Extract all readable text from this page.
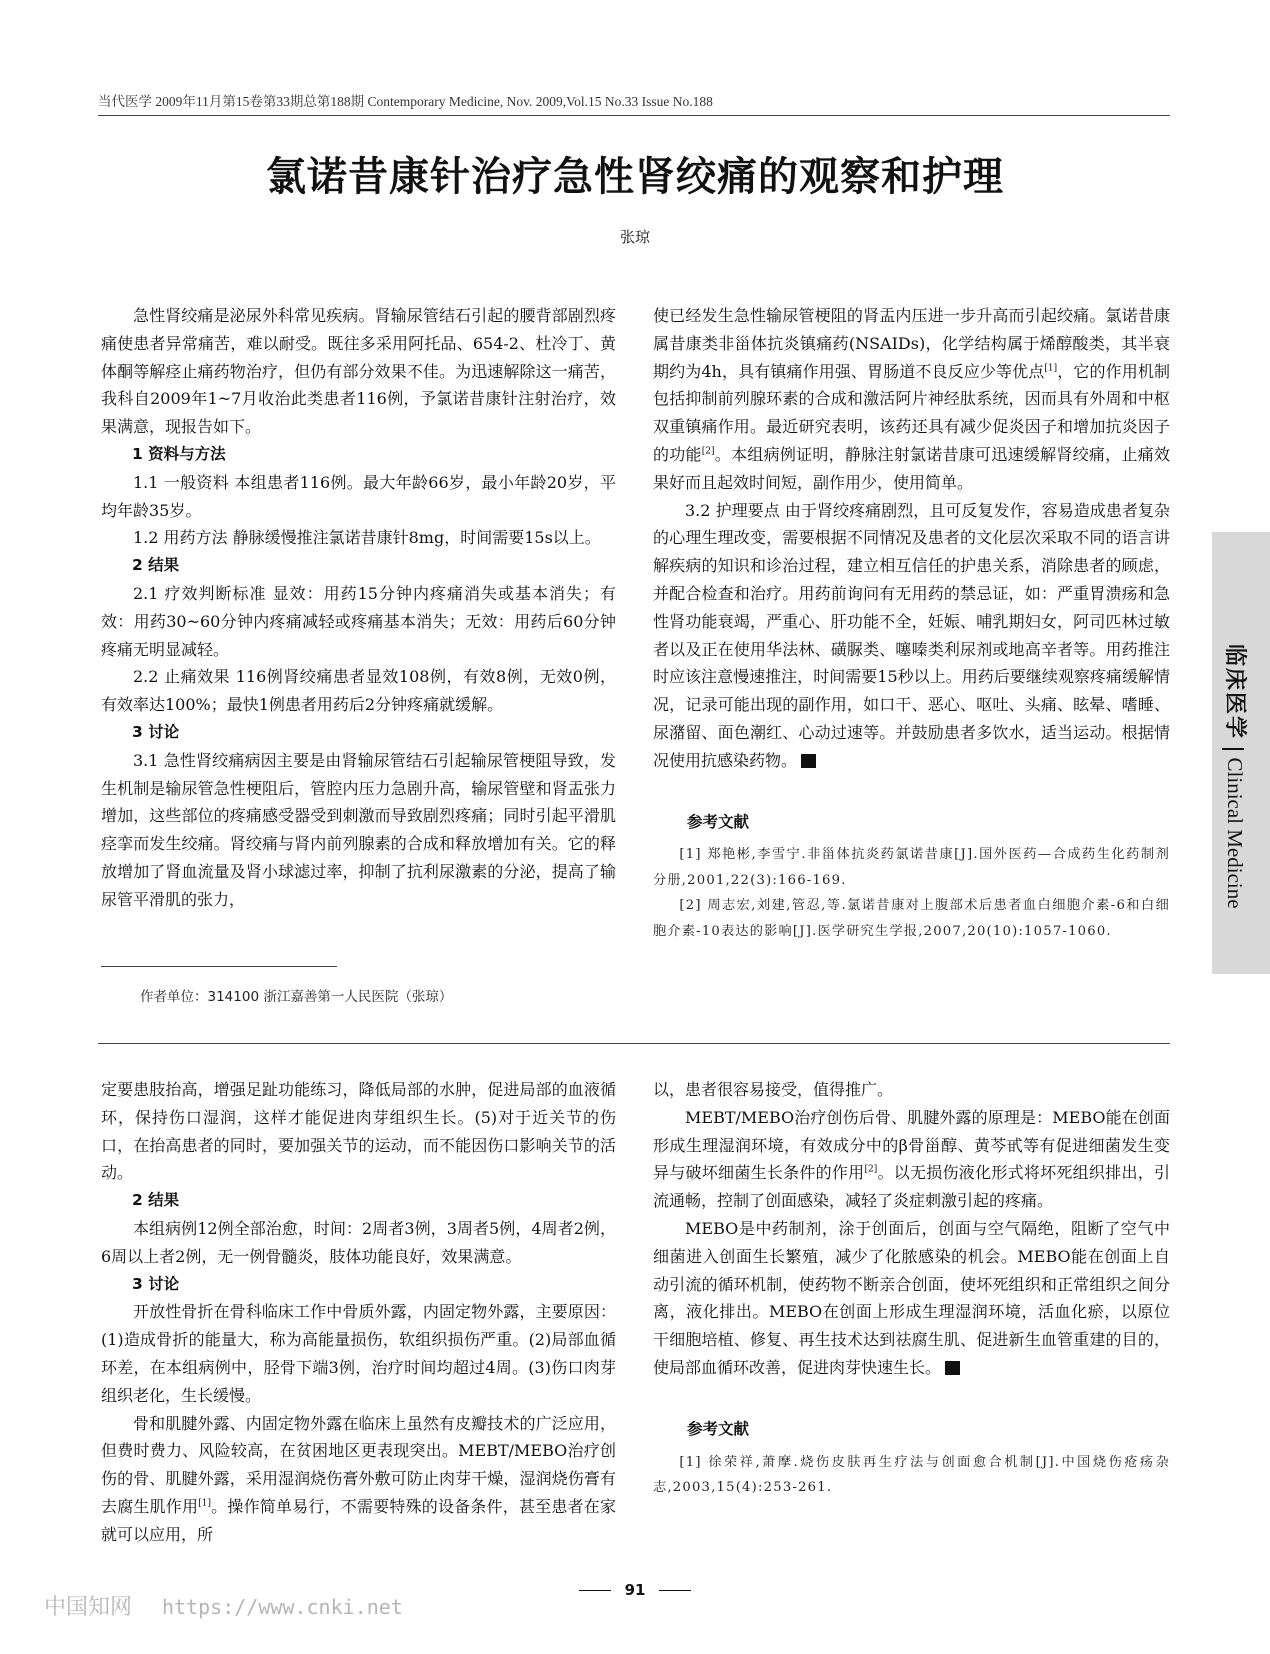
当代医学 2009年11月第15卷第33期总第188期 Contemporary Medicine, Nov. 2009,Vol.15 No.33 Issue No.188
氯诺昔康针治疗急性肾绞痛的观察和护理
张琼

急性肾绞痛是泌尿外科常见疾病。肾输尿管结石引起的腰背部剧烈疼痛使患者异常痛苦，难以耐受。既往多采用阿托品、654-2、杜冷丁、黄体酮等解痉止痛药物治疗，但仍有部分效果不佳。为迅速解除这一痛苦，我科自2009年1~7月收治此类患者116例，予氯诺昔康针注射治疗，效果满意，现报告如下。

1 资料与方法

1.1 一般资料 本组患者116例。最大年龄66岁，最小年龄20岁，平均年龄35岁。

1.2 用药方法 静脉缓慢推注氯诺昔康针8mg，时间需要15s以上。

2 结果

2.1 疗效判断标准 显效：用药15分钟内疼痛消失或基本消失；有效：用药30~60分钟内疼痛减轻或疼痛基本消失；无效：用药后60分钟疼痛无明显减轻。

2.2 止痛效果 116例肾绞痛患者显效108例，有效8例，无效0例，有效率达100%；最快1例患者用药后2分钟疼痛就缓解。

3 讨论

3.1 急性肾绞痛病因主要是由肾输尿管结石引起输尿管梗阻导致，发生机制是输尿管急性梗阻后，管腔内压力急剧升高，输尿管壁和肾盂张力增加，这些部位的疼痛感受器受到刺激而导致剧烈疼痛；同时引起平滑肌痉挛而发生绞痛。肾绞痛与肾内前列腺素的合成和释放增加有关。它的释放增加了肾血流量及肾小球滤过率，抑制了抗利尿激素的分泌，提高了输尿管平滑肌的张力，

作者单位：314100 浙江嘉善第一人民医院（张琼）

使已经发生急性输尿管梗阻的肾盂内压进一步升高而引起绞痛。氯诺昔康属昔康类非甾体抗炎镇痛药(NSAIDs)，化学结构属于烯醇酸类，其半衰期约为4h，具有镇痛作用强、胃肠道不良反应少等优点[1]，它的作用机制包括抑制前列腺环素的合成和激活阿片神经肽系统，因而具有外周和中枢双重镇痛作用。最近研究表明，该药还具有减少促炎因子和增加抗炎因子的功能[2]。本组病例证明，静脉注射氯诺昔康可迅速缓解肾绞痛，止痛效果好而且起效时间短，副作用少，使用简单。

3.2 护理要点 由于肾绞疼痛剧烈，且可反复发作，容易造成患者复杂的心理生理改变，需要根据不同情况及患者的文化层次采取不同的语言讲解疾病的知识和诊治过程，建立相互信任的护患关系，消除患者的顾虑，并配合检查和治疗。用药前询问有无用药的禁忌证，如：严重胃溃疡和急性肾功能衰竭，严重心、肝功能不全，妊娠、哺乳期妇女，阿司匹林过敏者以及正在使用华法林、磺脲类、噻嗪类利尿剂或地高辛者等。用药推注时应该注意慢速推注，时间需要15秒以上。用药后要继续观察疼痛缓解情况，记录可能出现的副作用，如口干、恶心、呕吐、头痛、眩晕、嗜睡、尿潴留、面色潮红、心动过速等。并鼓励患者多饮水，适当运动。根据情况使用抗感染药物。	CM

参考文献

[1] 郑艳彬,李雪宁.非甾体抗炎药氯诺昔康[J].国外医药—合成药生化药制剂分册,2001,22(3):166-169.

[2] 周志宏,刘建,管忍,等.氯诺昔康对上腹部术后患者血白细胞介素-6和白细胞介素-10表达的影响[J].医学研究生学报,2007,20(10):1057-1060.

定要患肢抬高，增强足趾功能练习，降低局部的水肿，促进局部的血液循环，保持伤口湿润，这样才能促进肉芽组织生长。(5)对于近关节的伤口，在抬高患者的同时，要加强关节的运动，而不能因伤口影响关节的活动。

2 结果

本组病例12例全部治愈，时间：2周者3例，3周者5例，4周者2例，6周以上者2例，无一例骨髓炎，肢体功能良好，效果满意。

3 讨论

开放性骨折在骨科临床工作中骨质外露，内固定物外露，主要原因：(1)造成骨折的能量大，称为高能量损伤，软组织损伤严重。(2)局部血循环差，在本组病例中，胫骨下端3例，治疗时间均超过4周。(3)伤口肉芽组织老化，生长缓慢。

骨和肌腱外露、内固定物外露在临床上虽然有皮瓣技术的广泛应用，但费时费力、风险较高，在贫困地区更表现突出。MEBT/MEBO治疗创伤的骨、肌腱外露，采用湿润烧伤膏外敷可防止肉芽干燥，湿润烧伤膏有去腐生肌作用[1]。操作简单易行，不需要特殊的设备条件，甚至患者在家就可以应用，所

以，患者很容易接受，值得推广。

MEBT/MEBO治疗创伤后骨、肌腱外露的原理是：MEBO能在创面形成生理湿润环境，有效成分中的β骨甾醇、黄芩甙等有促进细菌发生变异与破坏细菌生长条件的作用[2]。以无损伤液化形式将坏死组织排出，引流通畅，控制了创面感染，减轻了炎症刺激引起的疼痛。

MEBO是中药制剂，涂于创面后，创面与空气隔绝，阻断了空气中细菌进入创面生长繁殖，减少了化脓感染的机会。MEBO能在创面上自动引流的循环机制，使药物不断亲合创面，使坏死组织和正常组织之间分离，液化排出。MEBO在创面上形成生理湿润环境，活血化瘀，以原位干细胞培植、修复、再生技术达到祛腐生肌、促进新生血管重建的目的，使局部血循环改善，促进肉芽快速生长。	CM

参考文献

[1] 徐荣祥,萧摩.烧伤皮肤再生疗法与创面愈合机制[J].中国烧伤疮疡杂志,2003,15(4):253-261.

临床医学Clinical Medicine
91
中国知网 https://www.cnki.net
